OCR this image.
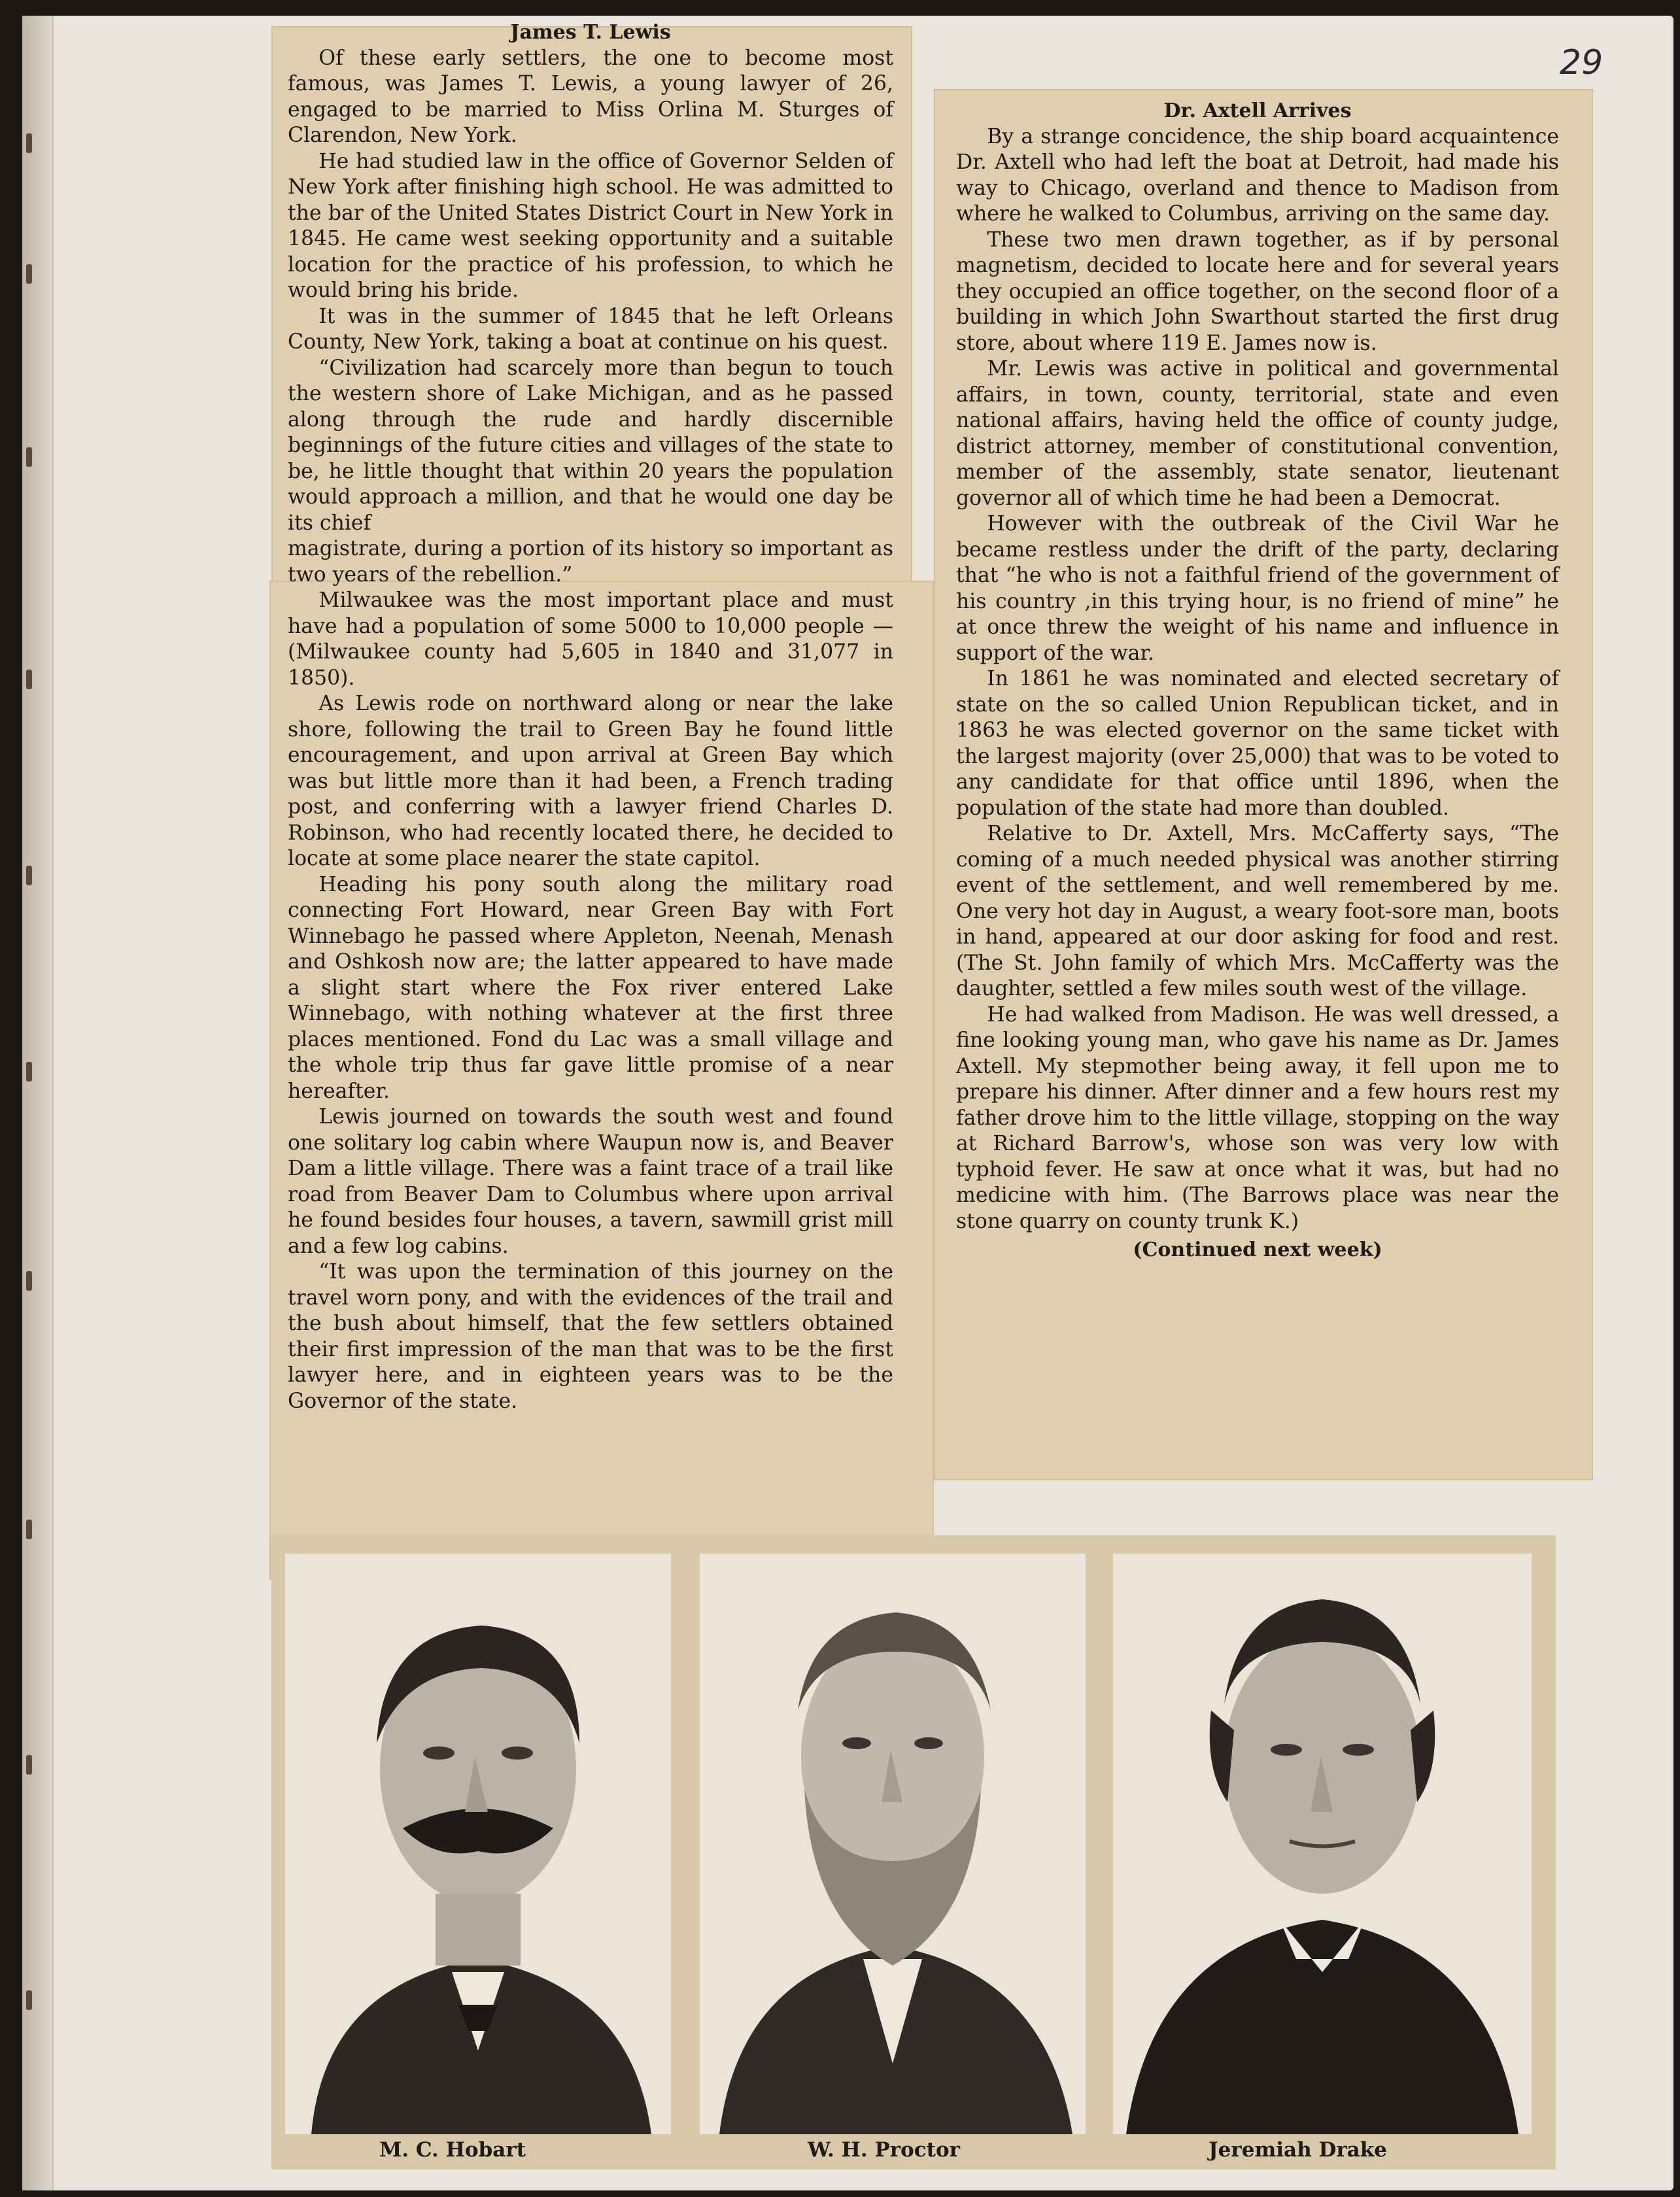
29
James T. Lewis

Of these early settlers, the one to become most famous, was James T. Lewis, a young lawyer of 26, engaged to be married to Miss Orlina M. Sturges of Clarendon, New York.

He had studied law in the office of Governor Selden of New York after finishing high school. He was admitted to the bar of the United States District Court in New York in 1845. He came west seeking opportunity and a suitable location for the practice of his profession, to which he would bring his bride.

It was in the summer of 1845 that he left Orleans County, New York, taking a boat at continue on his quest.

“Civilization had scarcely more than begun to touch the western shore of Lake Michigan, and as he passed along through the rude and hardly discernible beginnings of the future cities and villages of the state to be, he little thought that within 20 years the population would approach a million, and that he would one day be its chief

magistrate, during a portion of its history so important as two years of the rebellion.”

Milwaukee was the most important place and must have had a population of some 5000 to 10,000 people — (Milwaukee county had 5,605 in 1840 and 31,077 in 1850).

As Lewis rode on northward along or near the lake shore, following the trail to Green Bay he found little encouragement, and upon arrival at Green Bay which was but little more than it had been, a French trading post, and conferring with a lawyer friend Charles D. Robinson, who had recently located there, he decided to locate at some place nearer the state capitol.

Heading his pony south along the military road connecting Fort Howard, near Green Bay with Fort Winnebago he passed where Appleton, Neenah, Menash and Oshkosh now are; the latter appeared to have made a slight start where the Fox river entered Lake Winnebago, with nothing whatever at the first three places mentioned. Fond du Lac was a small village and the whole trip thus far gave little promise of a near hereafter.

Lewis journed on towards the south west and found one solitary log cabin where Waupun now is, and Beaver Dam a little village. There was a faint trace of a trail like road from Beaver Dam to Columbus where upon arrival he found besides four houses, a tavern, sawmill grist mill and a few log cabins.

“It was upon the termination of this journey on the travel worn pony, and with the evidences of the trail and the bush about himself, that the few settlers obtained their first impression of the man that was to be the first lawyer here, and in eighteen years was to be the Governor of the state.

Dr. Axtell Arrives

By a strange concidence, the ship board acquaintence Dr. Axtell who had left the boat at Detroit, had made his way to Chicago, overland and thence to Madison from where he walked to Columbus, arriving on the same day.

These two men drawn together, as if by personal magnetism, decided to locate here and for several years they occupied an office together, on the second floor of a building in which John Swarthout started the first drug store, about where 119 E. James now is.

Mr. Lewis was active in political and governmental affairs, in town, county, territorial, state and even national affairs, having held the office of county judge, district attorney, member of constitutional convention, member of the assembly, state senator, lieutenant governor all of which time he had been a Democrat.

However with the outbreak of the Civil War he became restless under the drift of the party, declaring that “he who is not a faithful friend of the government of his country ,in this trying hour, is no friend of mine” he at once threw the weight of his name and influence in support of the war.

In 1861 he was nominated and elected secretary of state on the so called Union Republican ticket, and in 1863 he was elected governor on the same ticket with the largest majority (over 25,000) that was to be voted to any candidate for that office until 1896, when the population of the state had more than doubled.

Relative to Dr. Axtell, Mrs. McCafferty says, “The coming of a much needed physical was another stirring event of the settlement, and well remembered by me. One very hot day in August, a weary foot-sore man, boots in hand, appeared at our door asking for food and rest. (The St. John family of which Mrs. McCafferty was the daughter, settled a few miles south west of the village.

He had walked from Madison. He was well dressed, a fine looking young man, who gave his name as Dr. James Axtell. My stepmother being away, it fell upon me to prepare his dinner. After dinner and a few hours rest my father drove him to the little village, stopping on the way at Richard Barrow's, whose son was very low with typhoid fever. He saw at once what it was, but had no medicine with him. (The Barrows place was near the stone quarry on county trunk K.)

(Continued next week)
M. C. Hobart	W. H. Proctor	Jeremiah Drake
